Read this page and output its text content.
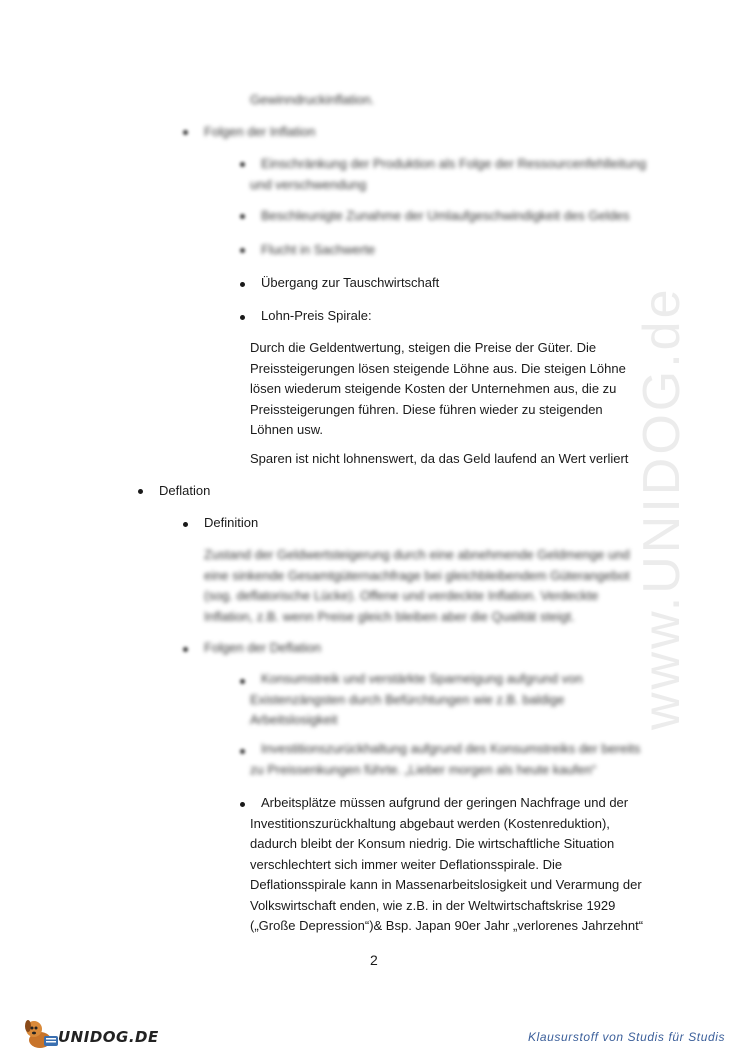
www.UNIDOG.de
Gewinndruckinflation.
Folgen der Inflation
Einschränkung der Produktion als Folge der Ressourcenfehlleitung
und verschwendung
Beschleunigte Zunahme der Umlaufgeschwindigkeit des Geldes
Flucht in Sachwerte
Übergang zur Tauschwirtschaft
Lohn-Preis Spirale:
Durch die Geldentwertung, steigen die Preise der Güter. Die
Preissteigerungen lösen steigende Löhne aus. Die steigen Löhne
lösen wiederum steigende Kosten der Unternehmen aus, die zu
Preissteigerungen führen. Diese führen wieder zu steigenden
Löhnen usw.
Sparen ist nicht lohnenswert, da das Geld laufend an Wert verliert
Deflation
Definition
Zustand der Geldwertsteigerung durch eine abnehmende Geldmenge und
eine sinkende Gesamtgüternachfrage bei gleichbleibendem Güterangebot
(sog. deflatorische Lücke). Offene und verdeckte Inflation. Verdeckte
Inflation, z.B. wenn Preise gleich bleiben aber die Qualität steigt.
Folgen der Deflation
Konsumstreik und verstärkte Sparneigung aufgrund von
Existenzängsten durch Befürchtungen wie z.B. baldige
Arbeitslosigkeit
Investitionszurückhaltung aufgrund des Konsumstreiks der bereits
zu Preissenkungen führte. „Lieber morgen als heute kaufen“
Arbeitsplätze müssen aufgrund der geringen Nachfrage und der
Investitionszurückhaltung abgebaut werden (Kostenreduktion),
dadurch bleibt der Konsum niedrig. Die wirtschaftliche Situation
verschlechtert sich immer weiter Deflationsspirale. Die
Deflationsspirale kann in Massenarbeitslosigkeit und Verarmung der
Volkswirtschaft enden, wie z.B. in der Weltwirtschaftskrise 1929
(„Große Depression“)& Bsp. Japan 90er Jahr „verlorenes Jahrzehnt“
2
UNIDOG.DE	Klausurstoff von Studis für Studis
